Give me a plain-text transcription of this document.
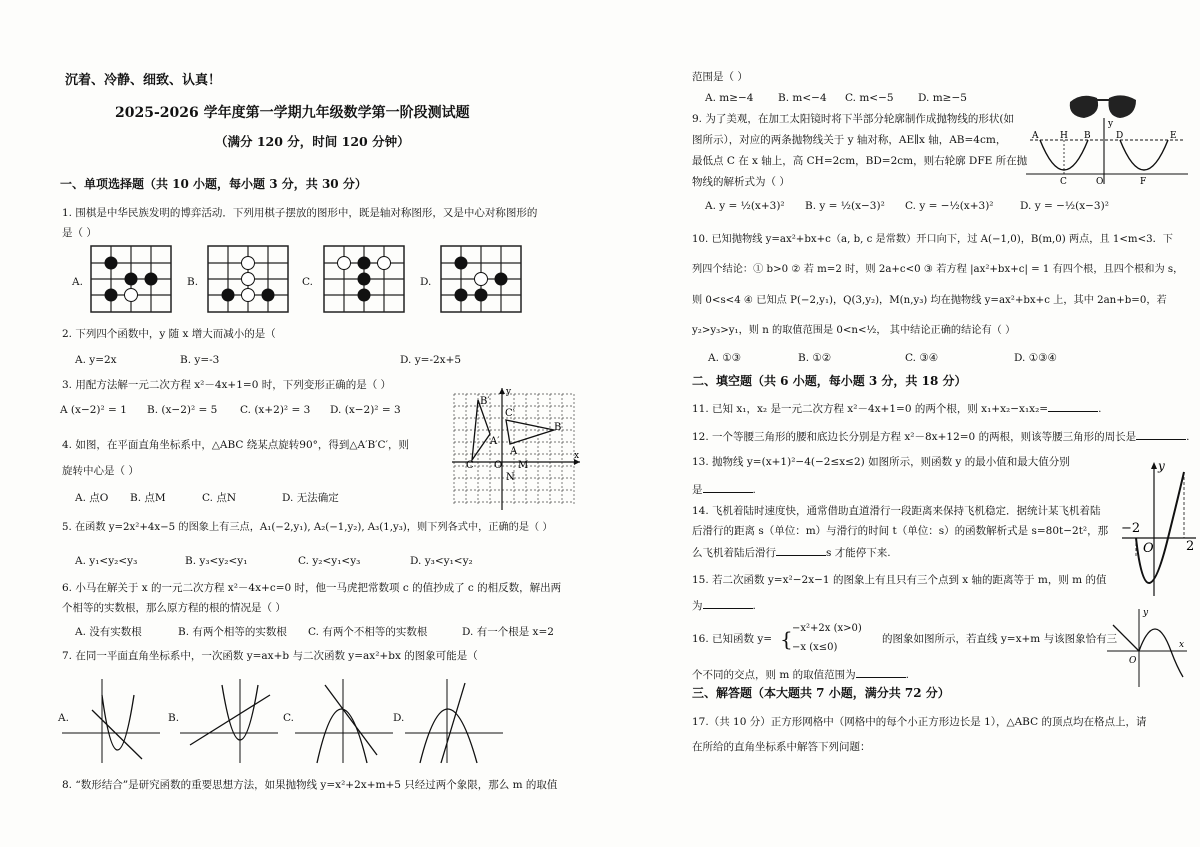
沉着、冷静、细致、认真！
2025-2026 学年度第一学期九年级数学第一阶段测试题
（满分 120 分，时间 120 分钟）
一、单项选择题（共 10 小题，每小题 3 分，共 30 分）
1. 围棋是中华民族发明的博弈活动．下列用棋子摆放的图形中，既是轴对称图形，又是中心对称图形的
是（ ）
A.	B.	C.	D.
2. 下列四个函数中，y 随 x 增大而减小的是（
A. y=2x	B. y=-3	D. y=-2x+5
3. 用配方法解一元二次方程 x²－4x+1=0 时，下列变形正确的是（ ）
A (x−2)² = 1 B. (x−2)² = 5 C. (x+2)² = 3 D. (x−2)² = 3
4. 如图，在平面直角坐标系中，△ABC 绕某点旋转90°，得到△A′B′C′，则
旋转中心是（ ）
A. 点O B. 点M	C. 点N	D. 无法确定
B′
C′
B
A′
A
C O M
N
y
x
5. 在函数 y=2x²+4x−5 的图象上有三点，A₁(−2,y₁), A₂(−1,y₂), A₃(1,y₃)，则下列各式中，正确的是（ ）
A. y₁<y₂<y₃	B. y₃<y₂<y₁	C. y₂<y₁<y₃	D. y₃<y₁<y₂
6. 小马在解关于 x 的一元二次方程 x²－4x+c=0 时，他一马虎把常数项 c 的值抄成了 c 的相反数，解出两
个相等的实数根，那么原方程的根的情况是（ ）
A. 没有实数根	B. 有两个相等的实数根 C. 有两个不相等的实数根	D. 有一个根是 x=2
7. 在同一平面直角坐标系中，一次函数 y=ax+b 与二次函数 y=ax²+bx 的图象可能是（
A.	B.	C.	D.
8. “数形结合”是研究函数的重要思想方法，如果抛物线 y=x²+2x+m+5 只经过两个象限，那么 m 的取值
范围是（ ）
A. m≥−4 B. m<−4 C. m<−5 D. m≥−5
9. 为了美观，在加工太阳镜时将下半部分轮廓制作成抛物线的形状(如
图所示），对应的两条抛物线关于 y 轴对称，AE∥x 轴，AB=4cm，
最低点 C 在 x 轴上，高 CH=2cm，BD=2cm，则右轮廓 DFE 所在抛
物线的解析式为（ ）
A. y = ½(x+3)² B. y = ½(x−3)² C. y = −½(x+3)²	D. y = −½(x−3)²
A H B	D	E
C	O	F
y
10. 已知抛物线 y=ax²+bx+c（a, b, c 是常数）开口向下，过 A(−1,0)，B(m,0) 两点，且 1<m<3．下
列四个结论：① b>0 ② 若 m=2 时，则 2a+c<0 ③ 若方程 |ax²+bx+c| = 1 有四个根，且四个根和为 s，
则 0<s<4 ④ 已知点 P(−2,y₁)，Q(3,y₂)，M(n,y₃) 均在抛物线 y=ax²+bx+c 上，其中 2an+b=0，若
y₂>y₃>y₁，则 n 的取值范围是 0<n<½， 其中结论正确的结论有（ ）
A. ①③	B. ①②	C. ③④	D. ①③④
二、填空题（共 6 小题，每小题 3 分，共 18 分）
11. 已知 x₁，x₂ 是一元二次方程 x²－4x+1=0 的两个根，则 x₁+x₂−x₁x₂=	.
12. 一个等腰三角形的腰和底边长分别是方程 x²－8x+12=0 的两根，则该等腰三角形的周长是	.
13. 抛物线 y=(x+1)²−4(−2≤x≤2) 如图所示，则函数 y 的最小值和最大值分别
是	.
y
−2
O 2
14. 飞机着陆时速度快，通常借助直道滑行一段距离来保持飞机稳定．据统计某飞机着陆
后滑行的距离 s（单位：m）与滑行的时间 t（单位：s）的函数解析式是 s=80t−2t²，那
么飞机着陆后滑行	s 才能停下来.
15. 若二次函数 y=x²−2x−1 的图象上有且只有三个点到 x 轴的距离等于 m，则 m 的值
为	.
16. 已知函数 y= { −x²+2x (x>0)
−x (x≤0)
的图象如图所示，若直线 y=x+m 与该图象恰有三
个不同的交点，则 m 的取值范围为	.
y
O
x
三、解答题（本大题共 7 小题，满分共 72 分）
17.（共 10 分）正方形网格中（网格中的每个小正方形边长是 1），△ABC 的顶点均在格点上，请
在所给的直角坐标系中解答下列问题：
